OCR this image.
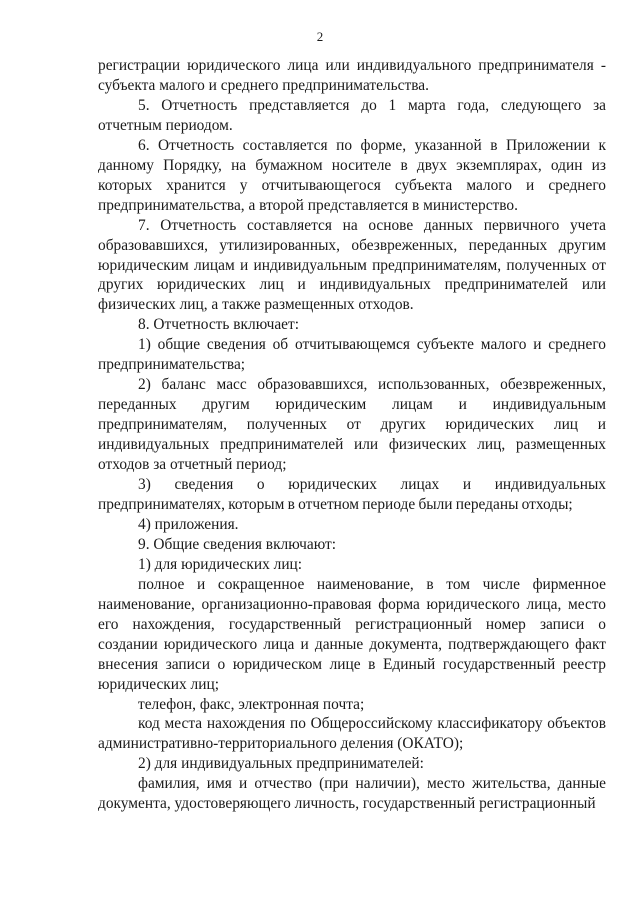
2

регистрации юридического лица или индивидуального предпринимателя - субъекта малого и среднего предпринимательства.

5. Отчетность представляется до 1 марта года, следующего за отчетным периодом.

6. Отчетность составляется по форме, указанной в Приложении к данному Порядку, на бумажном носителе в двух экземплярах, один из которых хранится у отчитывающегося субъекта малого и среднего предпринимательства, а второй представляется в министерство.

7. Отчетность составляется на основе данных первичного учета образовавшихся, утилизированных, обезвреженных, переданных другим юридическим лицам и индивидуальным предпринимателям, полученных от других юридических лиц и индивидуальных предпринимателей или физических лиц, а также размещенных отходов.

8. Отчетность включает:

1) общие сведения об отчитывающемся субъекте малого и среднего предпринимательства;

2) баланс масс образовавшихся, использованных, обезвреженных, переданных другим юридическим лицам и индивидуальным предпринимателям, полученных от других юридических лиц и индивидуальных предпринимателей или физических лиц, размещенных отходов за отчетный период;

3) сведения о юридических лицах и индивидуальных предпринимателях, которым в отчетном периоде были переданы отходы;

4) приложения.

9. Общие сведения включают:

1) для юридических лиц:

полное и сокращенное наименование, в том числе фирменное наименование, организационно-правовая форма юридического лица, место его нахождения, государственный регистрационный номер записи о создании юридического лица и данные документа, подтверждающего факт внесения записи о юридическом лице в Единый государственный реестр юридических лиц;

телефон, факс, электронная почта;

код места нахождения по Общероссийскому классификатору объектов административно-территориального деления (ОКАТО);

2) для индивидуальных предпринимателей:

фамилия, имя и отчество (при наличии), место жительства, данные документа, удостоверяющего личность, государственный регистрационный
